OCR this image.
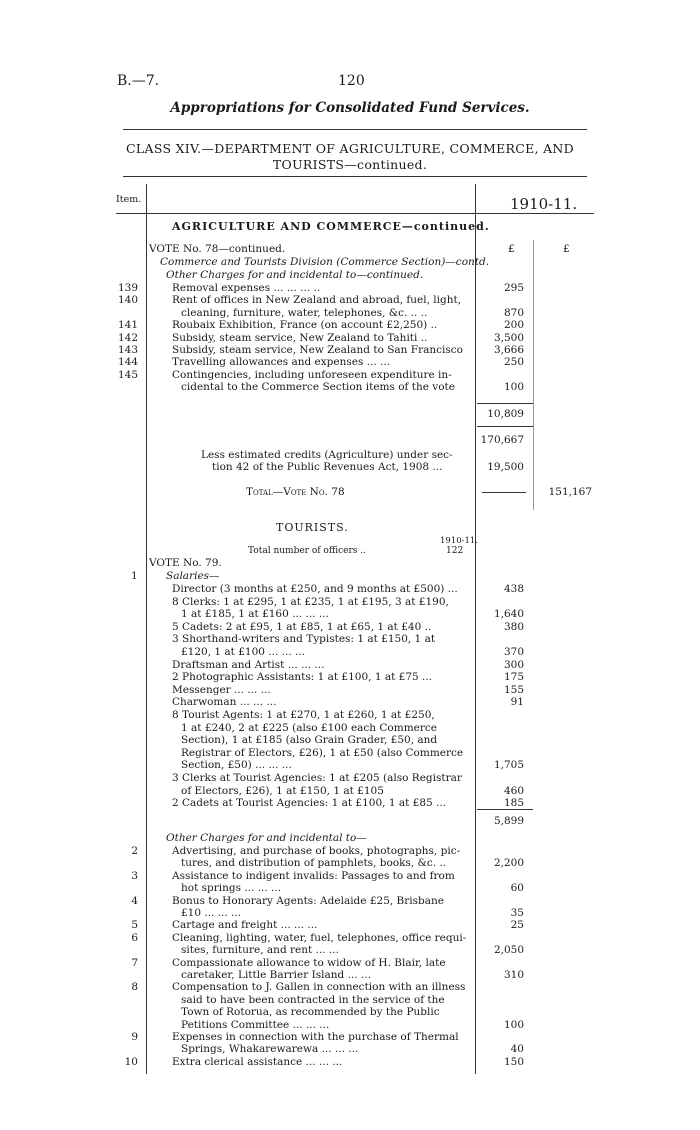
B.—7.	120
Appropriations for Consolidated Fund Services.
CLASS XIV.—DEPARTMENT OF AGRICULTURE, COMMERCE, AND
TOURISTS—continued.
Item.	1910-11.
AGRICULTURE AND COMMERCE—continued.
VOTE No. 78—continued.
Commerce and Tourists Division (Commerce Section)—contd.
Other Charges for and incidental to—continued.
£	£
139	Removal expenses ... ... ... ..	295
140	Rent of offices in New Zealand and abroad, fuel, light,
cleaning, furniture, water, telephones, &c. .. ..	870
141	Roubaix Exhibition, France (on account £2,250) ..	200
142	Subsidy, steam service, New Zealand to Tahiti ..	3,500
143	Subsidy, steam service, New Zealand to San Francisco	3,666
144	Travelling allowances and expenses ... ...	250
145	Contingencies, including unforeseen expenditure in-
cidental to the Commerce Section items of the vote	100
10,809
170,667
Less estimated credits (Agriculture) under sec-
tion 42 of the Public Revenues Act, 1908 ...	19,500
Total—Vote No. 78	151,167
TOURISTS.
1910-11.
Total number of officers ..	122
VOTE No. 79.
1	Salaries—
Director (3 months at £250, and 9 months at £500) ...	438
8 Clerks: 1 at £295, 1 at £235, 1 at £195, 3 at £190,
1 at £185, 1 at £160 ... ... ...	1,640
5 Cadets: 2 at £95, 1 at £85, 1 at £65, 1 at £40 ..	380
3 Shorthand-writers and Typistes: 1 at £150, 1 at
£120, 1 at £100 ... ... ...	370
Draftsman and Artist ... ... ...	300
2 Photographic Assistants: 1 at £100, 1 at £75 ...	175
Messenger ... ... ...	155
Charwoman ... ... ...	91
8 Tourist Agents: 1 at £270, 1 at £260, 1 at £250,
1 at £240, 2 at £225 (also £100 each Commerce
Section), 1 at £185 (also Grain Grader, £50, and
Registrar of Electors, £26), 1 at £50 (also Commerce
Section, £50) ... ... ...	1,705
3 Clerks at Tourist Agencies: 1 at £205 (also Registrar
of Electors, £26), 1 at £150, 1 at £105	460
2 Cadets at Tourist Agencies: 1 at £100, 1 at £85 ...	185
5,899
Other Charges for and incidental to—
2	Advertising, and purchase of books, photographs, pic-
tures, and distribution of pamphlets, books, &c. ..	2,200
3	Assistance to indigent invalids: Passages to and from
hot springs ... ... ...	60
4	Bonus to Honorary Agents: Adelaide £25, Brisbane
£10 ... ... ...	35
5	Cartage and freight ... ... ...	25
6	Cleaning, lighting, water, fuel, telephones, office requi-
sites, furniture, and rent ... ...	2,050
7	Compassionate allowance to widow of H. Blair, late
caretaker, Little Barrier Island ... ...	310
8	Compensation to J. Gallen in connection with an illness
said to have been contracted in the service of the
Town of Rotorua, as recommended by the Public
Petitions Committee ... ... ...	100
9	Expenses in connection with the purchase of Thermal
Springs, Whakarewarewa ... ... ...	40
10	Extra clerical assistance ... ... ...	150
